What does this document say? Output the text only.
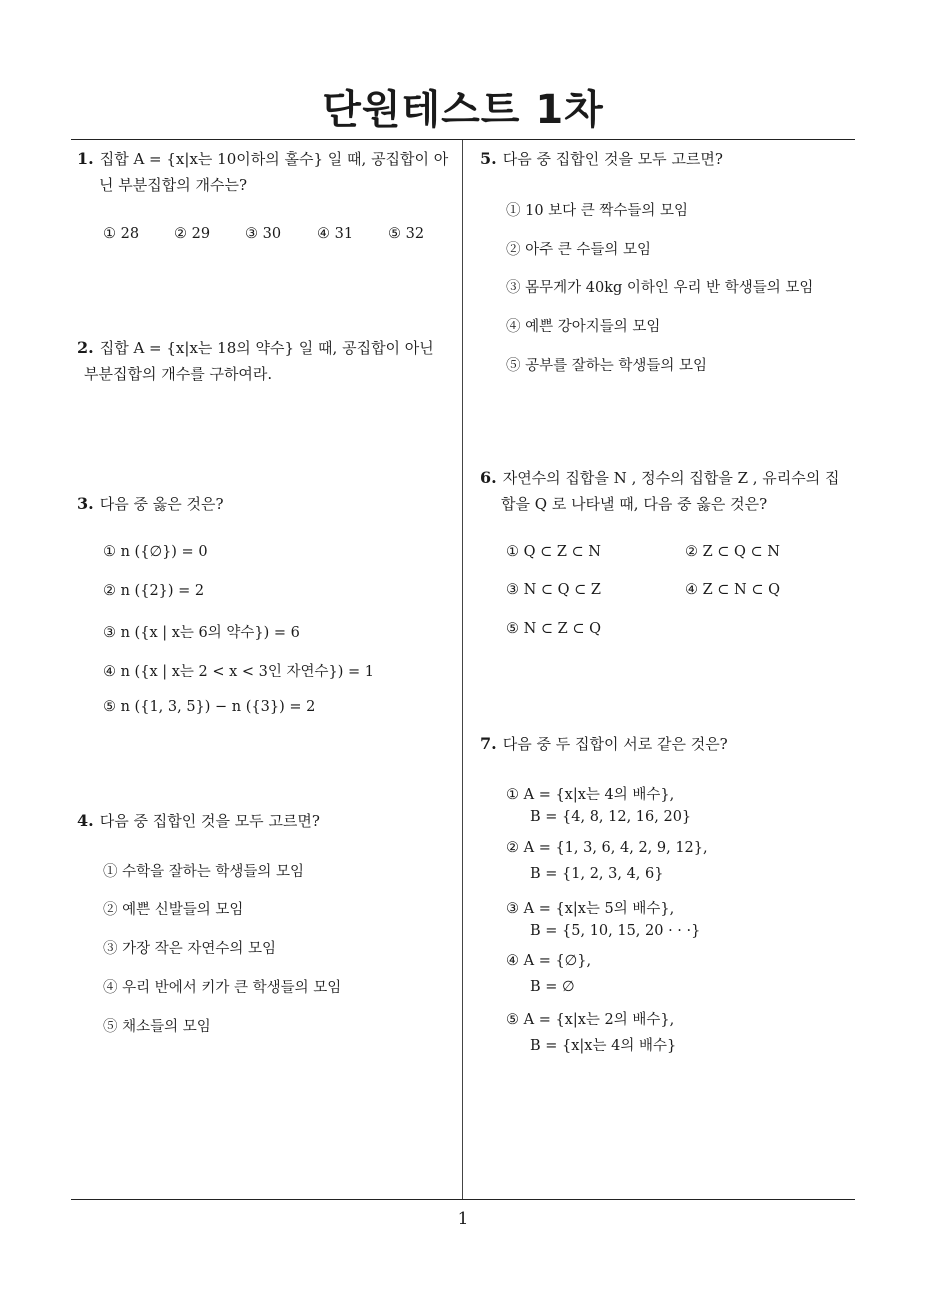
단원테스트 1차
1. 집합 A = {x|x는 10이하의 홀수} 일 때, 공집합이 아
닌 부분집합의 개수는?
① 28 ② 29 ③ 30 ④ 31 ⑤ 32
2. 집합 A = {x|x는 18의 약수} 일 때, 공집합이 아닌
부분집합의 개수를 구하여라.
3. 다음 중 옳은 것은?
① n ({∅}) = 0
② n ({2}) = 2
③ n ({x | x는 6의 약수}) = 6
④ n ({x | x는 2 < x < 3인 자연수}) = 1
⑤ n ({1, 3, 5}) − n ({3}) = 2
4. 다음 중 집합인 것을 모두 고르면?
① 수학을 잘하는 학생들의 모임
② 예쁜 신발들의 모임
③ 가장 작은 자연수의 모임
④ 우리 반에서 키가 큰 학생들의 모임
⑤ 채소들의 모임
5. 다음 중 집합인 것을 모두 고르면?
① 10 보다 큰 짝수들의 모임
② 아주 큰 수들의 모임
③ 몸무게가 40kg 이하인 우리 반 학생들의 모임
④ 예쁜 강아지들의 모임
⑤ 공부를 잘하는 학생들의 모임
6. 자연수의 집합을 N , 정수의 집합을 Z , 유리수의 집
합을 Q 로 나타낼 때, 다음 중 옳은 것은?
① Q ⊂ Z ⊂ N	② Z ⊂ Q ⊂ N
③ N ⊂ Q ⊂ Z	④ Z ⊂ N ⊂ Q
⑤ N ⊂ Z ⊂ Q
7. 다음 중 두 집합이 서로 같은 것은?
① A = {x|x는 4의 배수},
B = {4, 8, 12, 16, 20}
② A = {1, 3, 6, 4, 2, 9, 12},
B = {1, 2, 3, 4, 6}
③ A = {x|x는 5의 배수},
B = {5, 10, 15, 20 · · ·}
④ A = {∅},
B = ∅
⑤ A = {x|x는 2의 배수},
B = {x|x는 4의 배수}
1
